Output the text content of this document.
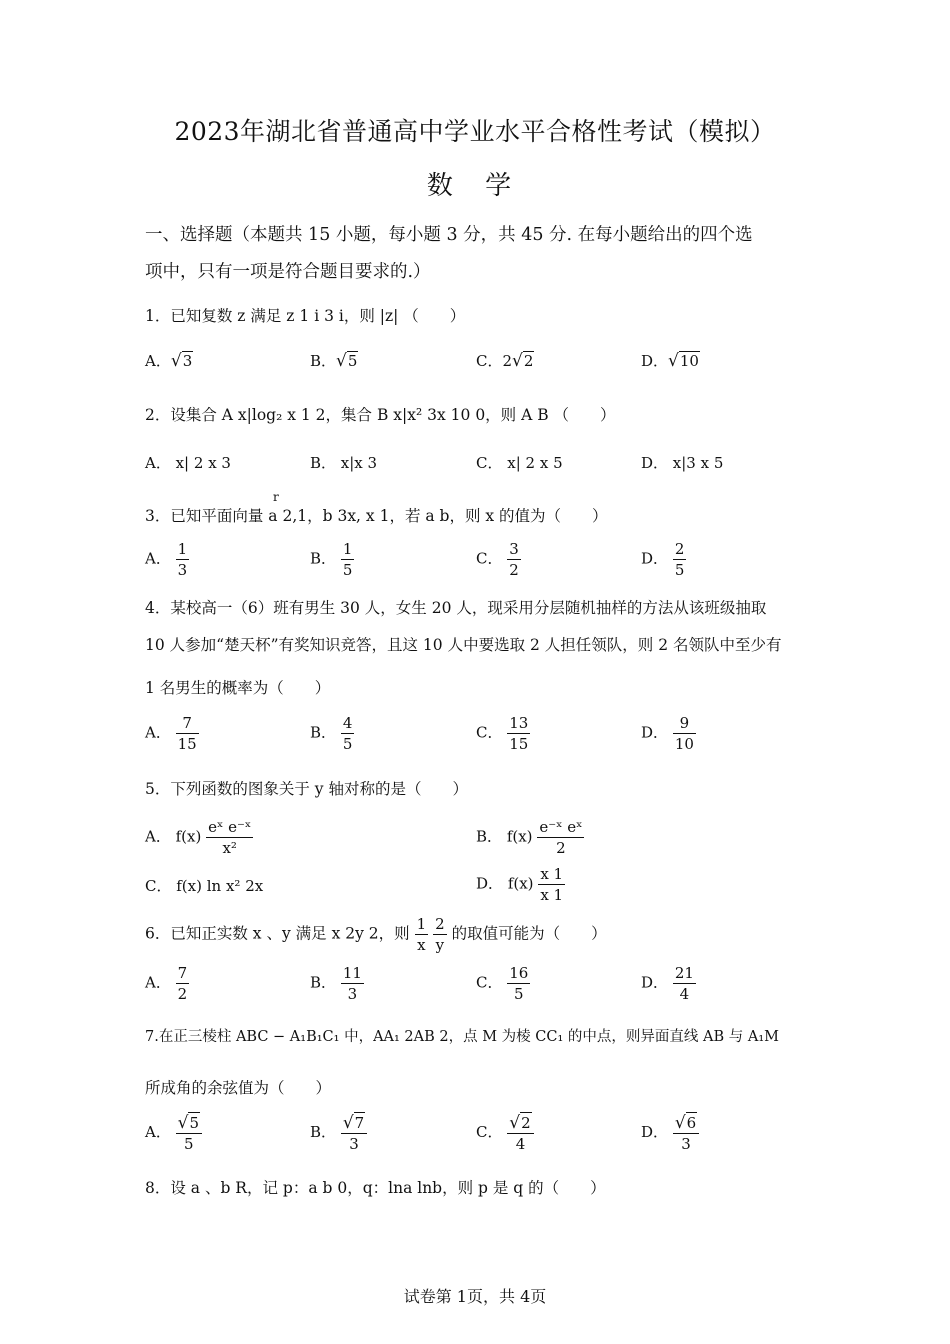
2023年湖北省普通高中学业水平合格性考试（模拟）
数 学
一、选择题（本题共 15 小题，每小题 3 分，共 45 分. 在每小题给出的四个选
项中，只有一项是符合题目要求的.）
1．已知复数 z 满足 z 1 i 3 i，则 |z| （　　）
A．√3	B．√5	C．2√2	D．√10
2．设集合 A x|log₂ x 1 2，集合 B x|x² 3x 10 0，则 A B （　　）
A． x| 2 x 3	B． x|x 3	C． x| 2 x 5	D． x|3 x 5
r
3．已知平面向量 a 2,1，b 3x, x 1，若 a b，则 x 的值为（　　）
A． $\frac{1}{3}$	B． $\frac{1}{5}$	C． $\frac{3}{2}$	D． $\frac{2}{5}$
4．某校高一（6）班有男生 30 人，女生 20 人，现采用分层随机抽样的方法从该班级抽取
10 人参加“楚天杯”有奖知识竞答，且这 10 人中要选取 2 人担任领队，则 2 名领队中至少有
1 名男生的概率为（　　）
A． $\frac{7}{15}$	B． $\frac{4}{5}$	C． $\frac{13}{15}$	D． $\frac{9}{10}$
5．下列函数的图象关于 y 轴对称的是（　　）
A． $f(x) \frac{\text{eˣ e⁻ˣ}}{\text{x²}}$	B． $f(x) \frac{\text{e⁻ˣ eˣ}}{2}$
C． f(x) ln x² 2x	D． $f(x) \frac{x 1}{x 1}$
6．已知正实数 x 、y 满足 x 2y 2，则 $\frac{1}{x}$
$\frac{2}{y}$ 的取值可能为（　　）
A． $\frac{7}{2}$	B． $\frac{11}{3}$	C． $\frac{16}{5}$	D． $\frac{21}{4}$
7.在正三棱柱 ABC − A₁B₁C₁ 中，AA₁ 2AB 2，点 M 为棱 CC₁ 的中点，则异面直线 AB 与 A₁M
所成角的余弦值为（　　）
A． $\frac{√5}{5}$	B． $\frac{√7}{3}$	C． $\frac{√2}{4}$	D． $\frac{√6}{3}$
8．设 a 、b R，记 p：a b 0，q：lna lnb，则 p 是 q 的（　　）
试卷第 1页，共 4页
